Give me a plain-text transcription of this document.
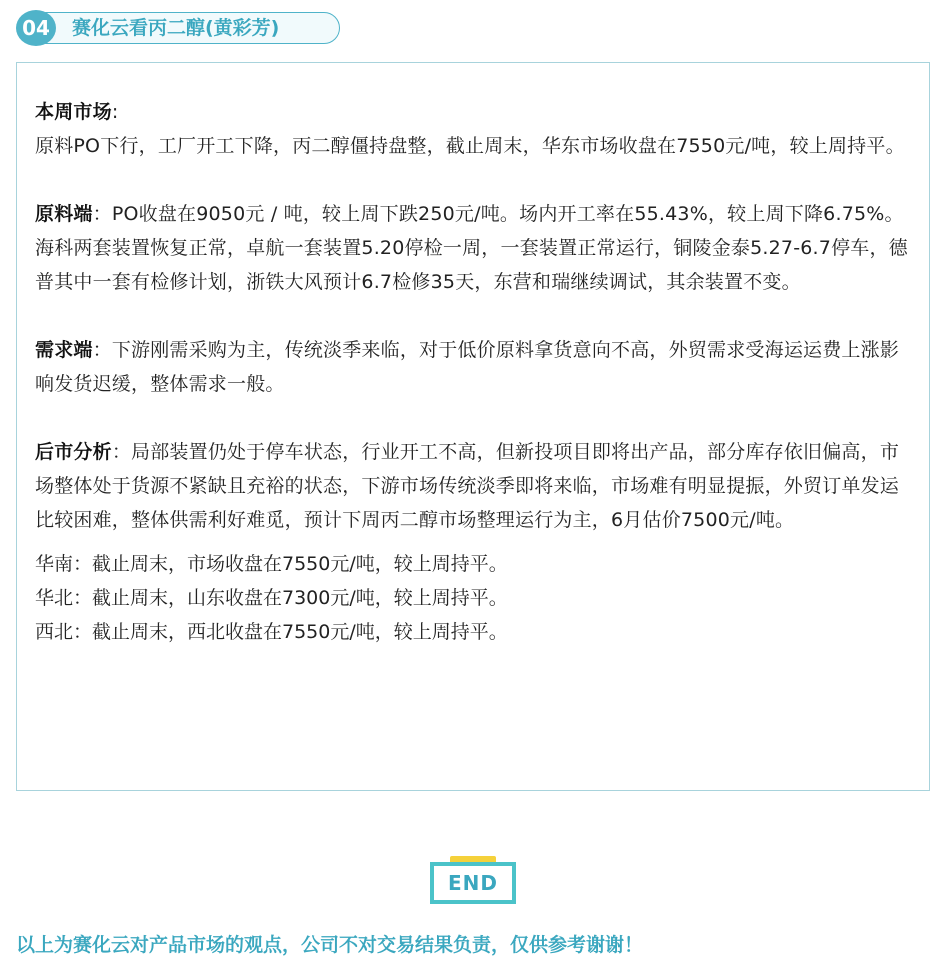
04	赛化云看丙二醇(黄彩芳)

本周市场:
原料PO下行，工厂开工下降，丙二醇僵持盘整，截止周末，华东市场收盘在7550元/吨，较上周持平。

原料端：PO收盘在9050元 / 吨，较上周下跌250元/吨。场内开工率在55.43%，较上周下降6.75%。海科两套装置恢复正常，卓航一套装置5.20停检一周，一套装置正常运行，铜陵金泰5.27-6.7停车，德普其中一套有检修计划，浙铁大风预计6.7检修35天，东营和瑞继续调试，其余装置不变。

需求端：下游刚需采购为主，传统淡季来临，对于低价原料拿货意向不高，外贸需求受海运运费上涨影响发货迟缓，整体需求一般。

后市分析：局部装置仍处于停车状态，行业开工不高，但新投项目即将出产品，部分库存依旧偏高，市场整体处于货源不紧缺且充裕的状态，下游市场传统淡季即将来临，市场难有明显提振，外贸订单发运比较困难，整体供需利好难觅，预计下周丙二醇市场整理运行为主，6月估价7500元/吨。

华南：截止周末，市场收盘在7550元/吨，较上周持平。

华北：截止周末，山东收盘在7300元/吨，较上周持平。

西北：截止周末，西北收盘在7550元/吨，较上周持平。

END
以上为赛化云对产品市场的观点，公司不对交易结果负责，仅供参考谢谢！
